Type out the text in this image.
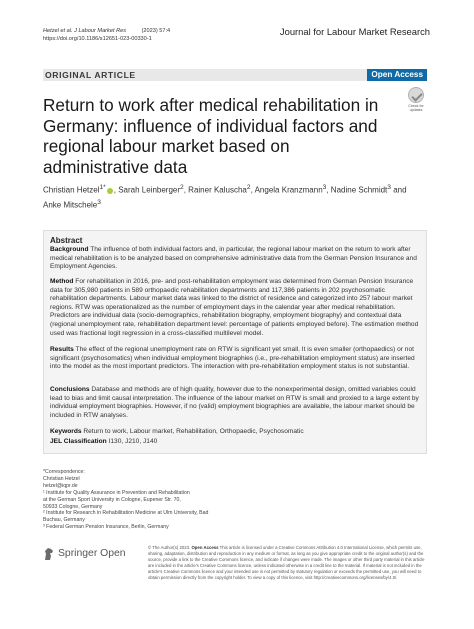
Hetzel et al. J Labour Market Res	(2023) 57:4
https://doi.org/10.1186/s12651-023-00330-1
Journal for Labour Market Research
ORIGINAL ARTICLE	Open Access
Return to work after medical rehabilitation in Germany: influence of individual factors and regional labour market based on administrative data
Check for updates
Christian Hetzel$^{1*}$ , Sarah Leinberger$^2$, Rainer Kaluscha$^2$, Angela Kranzmann$^3$, Nadine Schmidt$^3$ and
Anke Mitschele$^3$
Abstract
Background The influence of both individual factors and, in particular, the regional labour market on the return to work after medical rehabilitation is to be analyzed based on comprehensive administrative data from the German Pension Insurance and Employment Agencies.
Method For rehabilitation in 2016, pre- and post-rehabilitation employment was determined from German Pension Insurance data for 305,980 patients in 589 orthopaedic rehabilitation departments and 117,386 patients in 202 psychosomatic rehabilitation departments. Labour market data was linked to the district of residence and categorized into 257 labour market regions. RTW was operationalized as the number of employment days in the calendar year after medical rehabilitation. Predictors are individual data (socio-demographics, rehabilitation biography, employment biography) and contextual data (regional unemployment rate, rehabilitation department level: percentage of patients employed before). The estimation method used was fractional logit regression in a cross-classified multilevel model.
Results The effect of the regional unemployment rate on RTW is significant yet small. It is even smaller (orthopaedics) or not significant (psychosomatics) when individual employment biographies (i.e., pre-rehabilitation employment status) are inserted into the model as the most important predictors. The interaction with pre-rehabilitation employment status is not substantial.
Conclusions Database and methods are of high quality, however due to the nonexperimental design, omitted variables could lead to bias and limit causal interpretation. The influence of the labour market on RTW is small and proxied to a large extent by individual employment biographies. However, if no (valid) employment biographies are available, the labour market should be included in RTW analyses.
Keywords Return to work, Labour market, Rehabilitation, Orthopaedic, Psychosomatic
JEL Classification I130, J210, J140
*Correspondence:
Christian Hetzel
hetzel@iqpr.de
¹ Institute for Quality Assurance in Prevention and Rehabilitation
at the German Sport University in Cologne, Eupener Str. 70,
50933 Cologne, Germany
² Institute for Research in Rehabilitation Medicine at Ulm University, Bad
Buchau, Germany
³ Federal German Pension Insurance, Berlin, Germany
Springer Open
© The Author(s) 2023. Open Access This article is licensed under a Creative Commons Attribution 4.0 International License, which permits use, sharing, adaptation, distribution and reproduction in any medium or format, as long as you give appropriate credit to the original author(s) and the source, provide a link to the Creative Commons licence, and indicate if changes were made. The images or other third party material in this article are included in the article's Creative Commons licence, unless indicated otherwise in a credit line to the material. If material is not included in the article's Creative Commons licence and your intended use is not permitted by statutory regulation or exceeds the permitted use, you will need to obtain permission directly from the copyright holder. To view a copy of this licence, visit http://creativecommons.org/licenses/by/4.0/.
